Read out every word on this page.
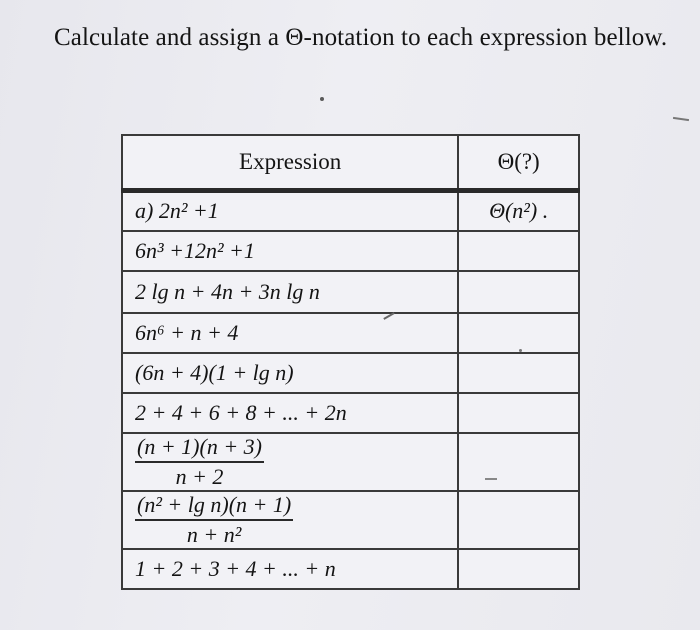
Calculate and assign a Θ-notation to each expression bellow.
Expression	Θ(?)
a) 2n² +1	Θ(n²) .
6n³ +12n² +1	
2 lg n + 4n + 3n lg n	
6n⁶ + n + 4	
(6n + 4)(1 + lg n)	
2 + 4 + 6 + 8 + ... + 2n	

$\frac{(n + 1)(n + 3)}{n + 2}$

$\frac{\text{(n² + lg n)(n + 1)}}{\text{n + n²}}$

1 + 2 + 3 + 4 + ... + n	
